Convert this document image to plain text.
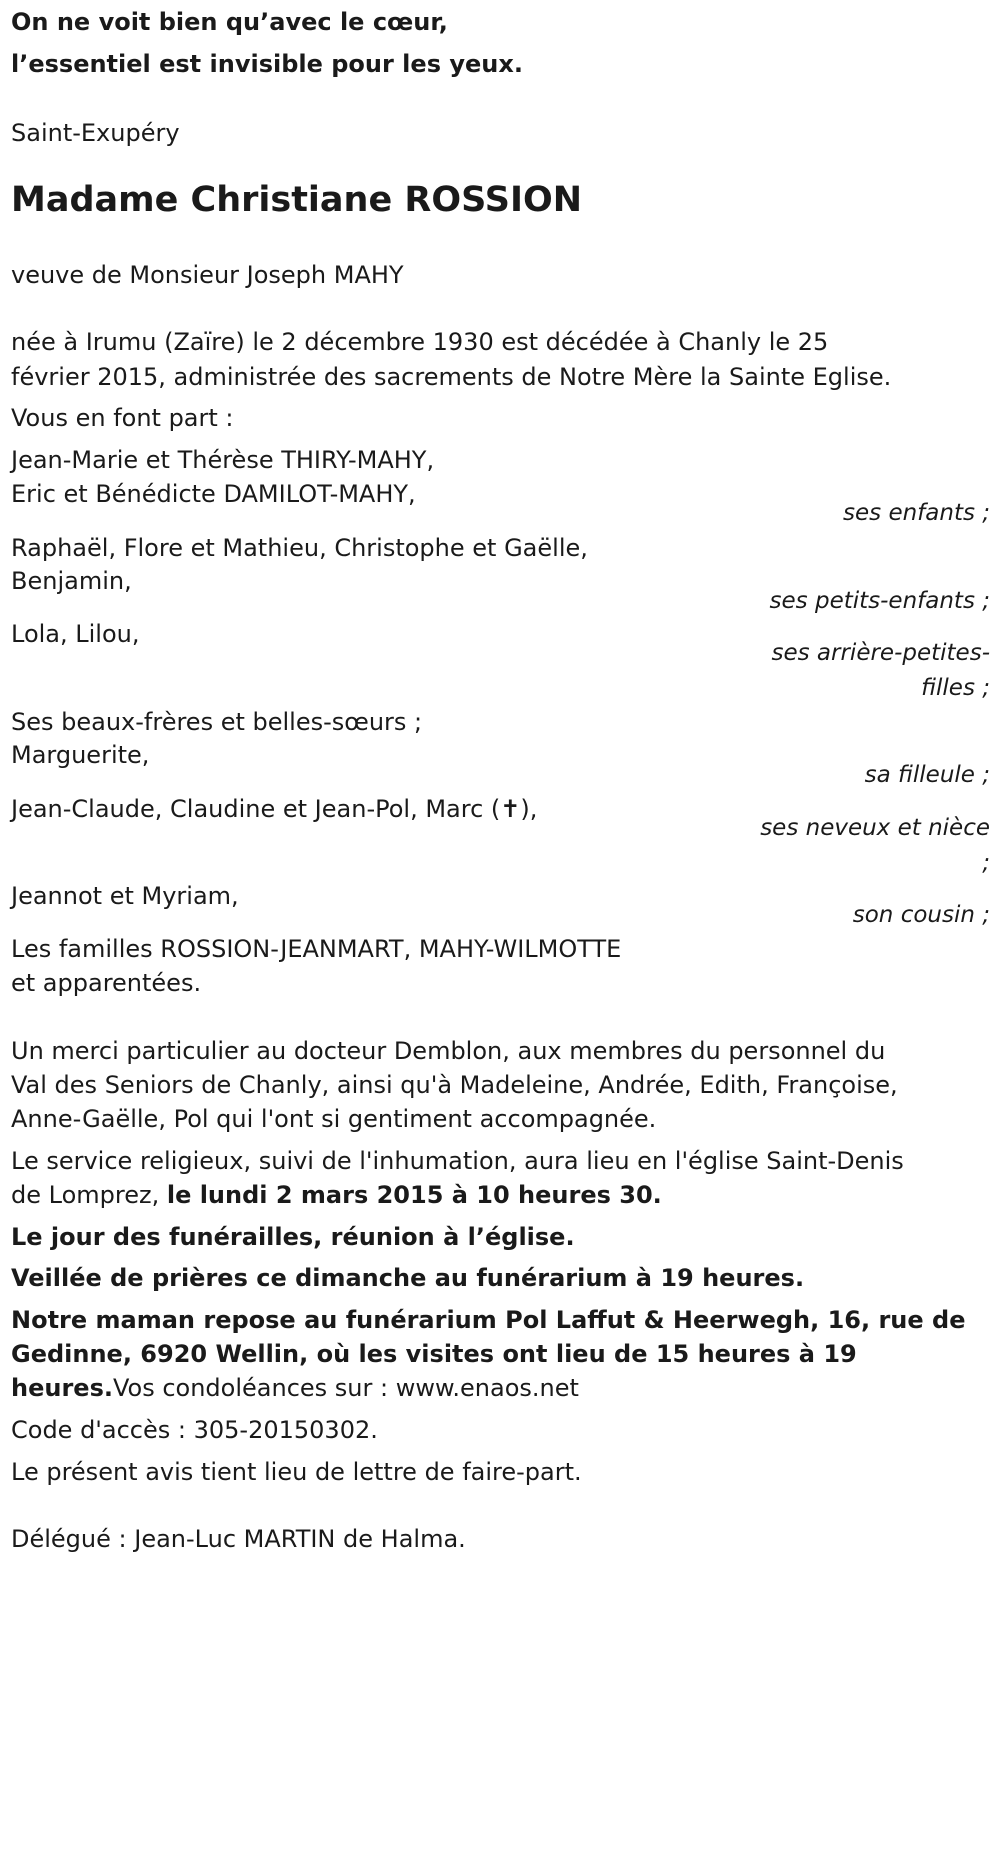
On ne voit bien qu’avec le cœur,
l’essentiel est invisible pour les yeux.
Saint-Exupéry
Madame Christiane ROSSION
veuve de Monsieur Joseph MAHY
née à Irumu (Zaïre) le 2 décembre 1930 est décédée à Chanly le 25
février 2015, administrée des sacrements de Notre Mère la Sainte Eglise.
Vous en font part :
Jean-Marie et Thérèse THIRY-MAHY,
Eric et Bénédicte DAMILOT-MAHY,
ses enfants ;
Raphaël, Flore et Mathieu, Christophe et Gaëlle,
Benjamin,
ses petits-enfants ;
Lola, Lilou,
ses arrière-petites-
filles ;
Ses beaux-frères et belles-sœurs ;
Marguerite,
sa filleule ;
Jean-Claude, Claudine et Jean-Pol, Marc (✝),
ses neveux et nièce
;
Jeannot et Myriam,
son cousin ;
Les familles ROSSION-JEANMART, MAHY-WILMOTTE
et apparentées.
Un merci particulier au docteur Demblon, aux membres du personnel du
Val des Seniors de Chanly, ainsi qu'à Madeleine, Andrée, Edith, Françoise,
Anne-Gaëlle, Pol qui l'ont si gentiment accompagnée.
Le service religieux, suivi de l'inhumation, aura lieu en l'église Saint-Denis
de Lomprez, le lundi 2 mars 2015 à 10 heures 30.
Le jour des funérailles, réunion à l’église.
Veillée de prières ce dimanche au funérarium à 19 heures.
Notre maman repose au funérarium Pol Laffut & Heerwegh, 16, rue de
Gedinne, 6920 Wellin, où les visites ont lieu de 15 heures à 19
heures.Vos condoléances sur : www.enaos.net
Code d'accès : 305-20150302.
Le présent avis tient lieu de lettre de faire-part.
Délégué : Jean-Luc MARTIN de Halma.
